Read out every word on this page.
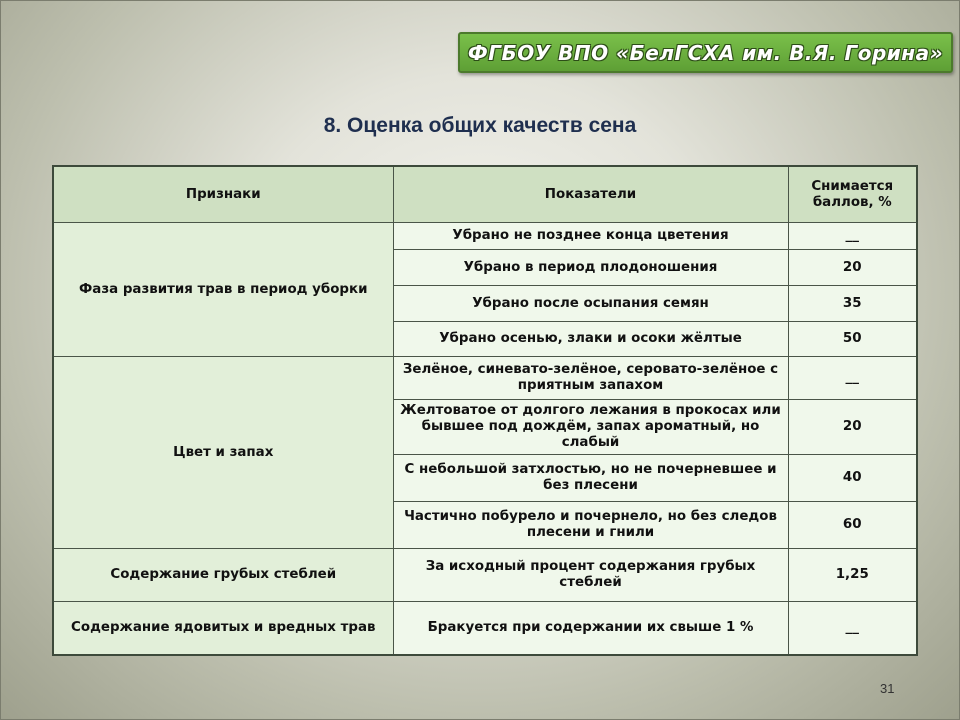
ФГБОУ ВПО «БелГСХА им. В.Я. Горина»
8. Оценка общих качеств сена
Признаки	Показатели	Снимается баллов, %
Фаза развития трав в период уборки	Убрано не позднее конца цветения	__
	Убрано в период плодоношения	20
	Убрано после осыпания семян	35
	Убрано осенью, злаки и осоки жёлтые	50
Цвет и запах	Зелёное, синевато-зелёное, серовато-зелёное с приятным запахом	__
	Желтоватое от долгого лежания в прокосах или бывшее под дождём, запах ароматный, но слабый	20
	С небольшой затхлостью, но не почерневшее и без плесени	40
	Частично побурело и почернело, но без следов плесени и гнили	60
Содержание грубых стеблей	За исходный процент содержания грубых стеблей	1,25
Содержание ядовитых и вредных трав	Бракуется при содержании их свыше 1 %	__
31
